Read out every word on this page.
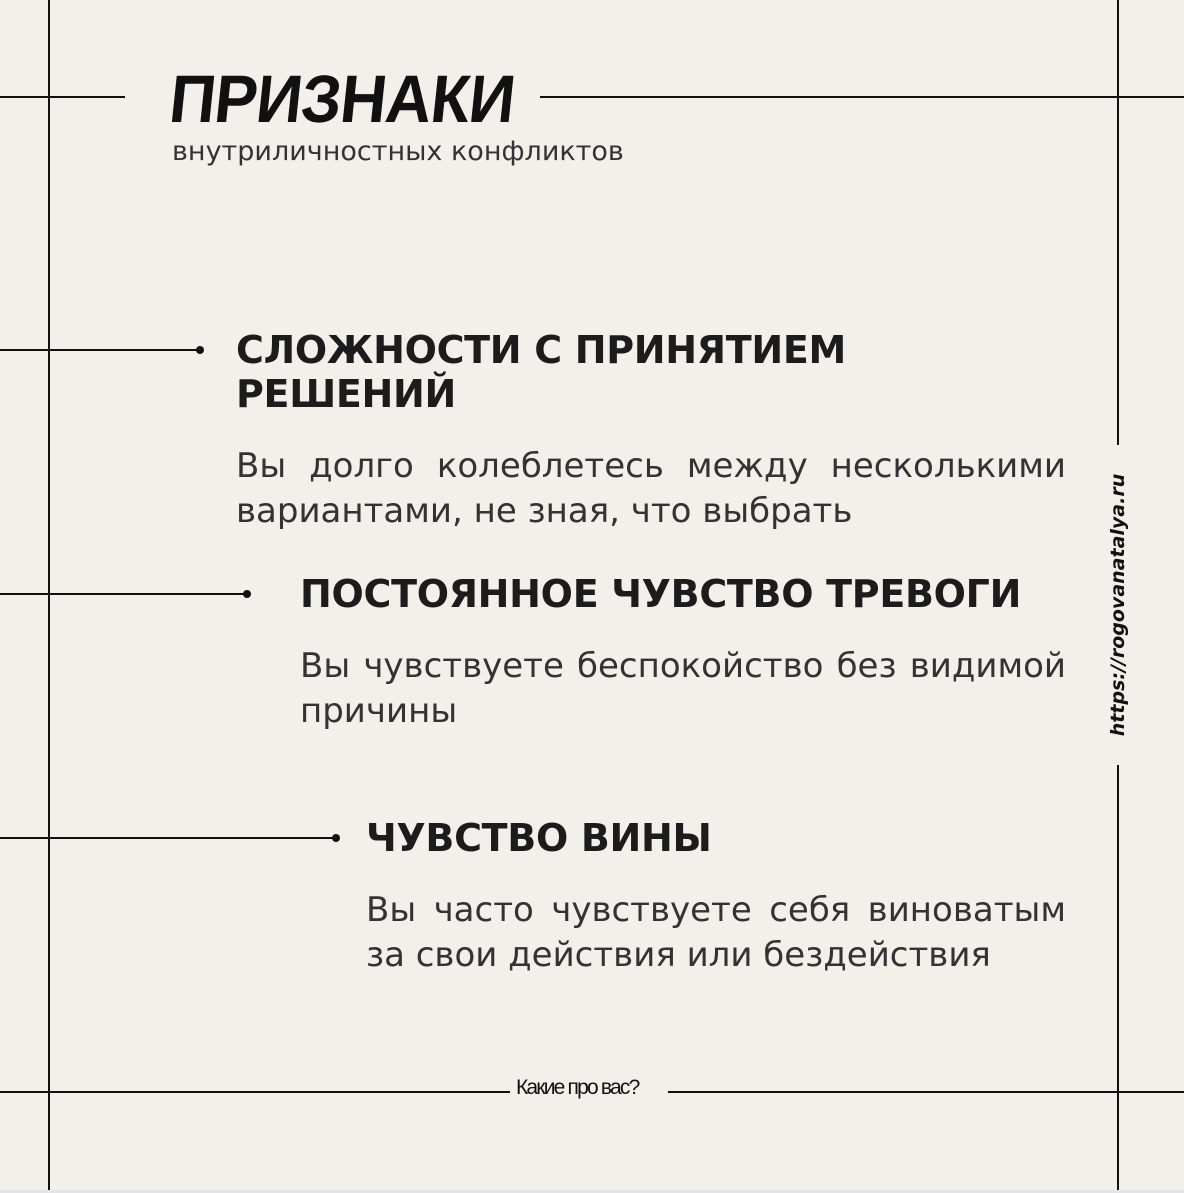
ПРИЗНАКИ
внутриличностных конфликтов
СЛОЖНОСТИ С ПРИНЯТИЕМ РЕШЕНИЙ

Вы долго колеблетесь между несколькими вариантами, не зная, что выбрать

ПОСТОЯННОЕ ЧУВСТВО ТРЕВОГИ

Вы чувствуете беспокойство без видимой причины

ЧУВСТВО ВИНЫ

Вы часто чувствуете себя виноватым за свои действия или бездействия

https://rogovanatalya.ru
Какие про вас?
